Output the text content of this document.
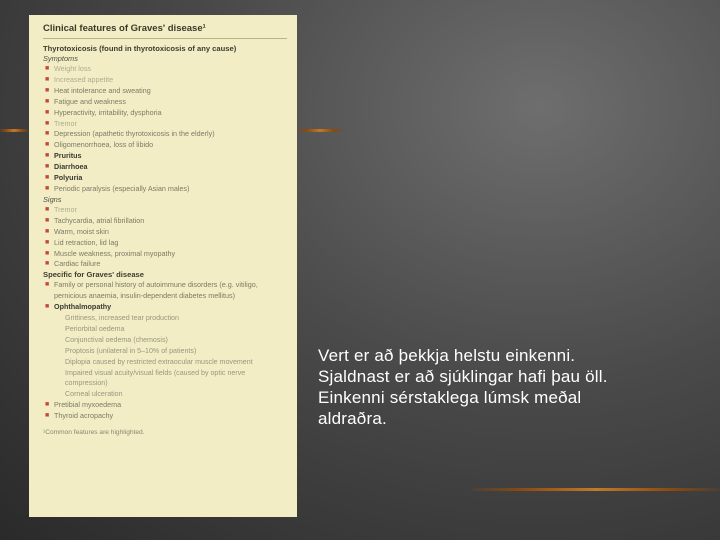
Clinical features of Graves' disease¹
Thyrotoxicosis (found in thyrotoxicosis of any cause)
Symptoms
■ Weight loss
■ Increased appetite
■ Heat intolerance and sweating
■ Fatigue and weakness
■ Hyperactivity, irritability, dysphoria
■ Tremor
■ Depression (apathetic thyrotoxicosis in the elderly)
■ Oligomenorrhoea, loss of libido
■ Pruritus
■ Diarrhoea
■ Polyuria
■ Periodic paralysis (especially Asian males)
Signs
■ Tremor
■ Tachycardia, atrial fibrillation
■ Warm, moist skin
■ Lid retraction, lid lag
■ Muscle weakness, proximal myopathy
■ Cardiac failure
Specific for Graves' disease
■ Family or personal history of autoimmune disorders (e.g. vitiligo, pernicious anaemia, insulin-dependent diabetes mellitus)
■ Ophthalmopathy
Grittiness, increased tear production
Periorbital oedema
Conjunctival oedema (chemosis)
Proptosis (unilateral in 5–10% of patients)
Diplopia caused by restricted extraocular muscle movement
Impaired visual acuity/visual fields (caused by optic nerve compression)
Corneal ulceration
■ Pretibial myxoedema
■ Thyroid acropachy
¹Common features are highlighted.
Vert er að þekkja helstu einkenni.
Sjaldnast er að sjúklingar hafi þau öll.
Einkenni sérstaklega lúmsk meðal
aldraðra.
